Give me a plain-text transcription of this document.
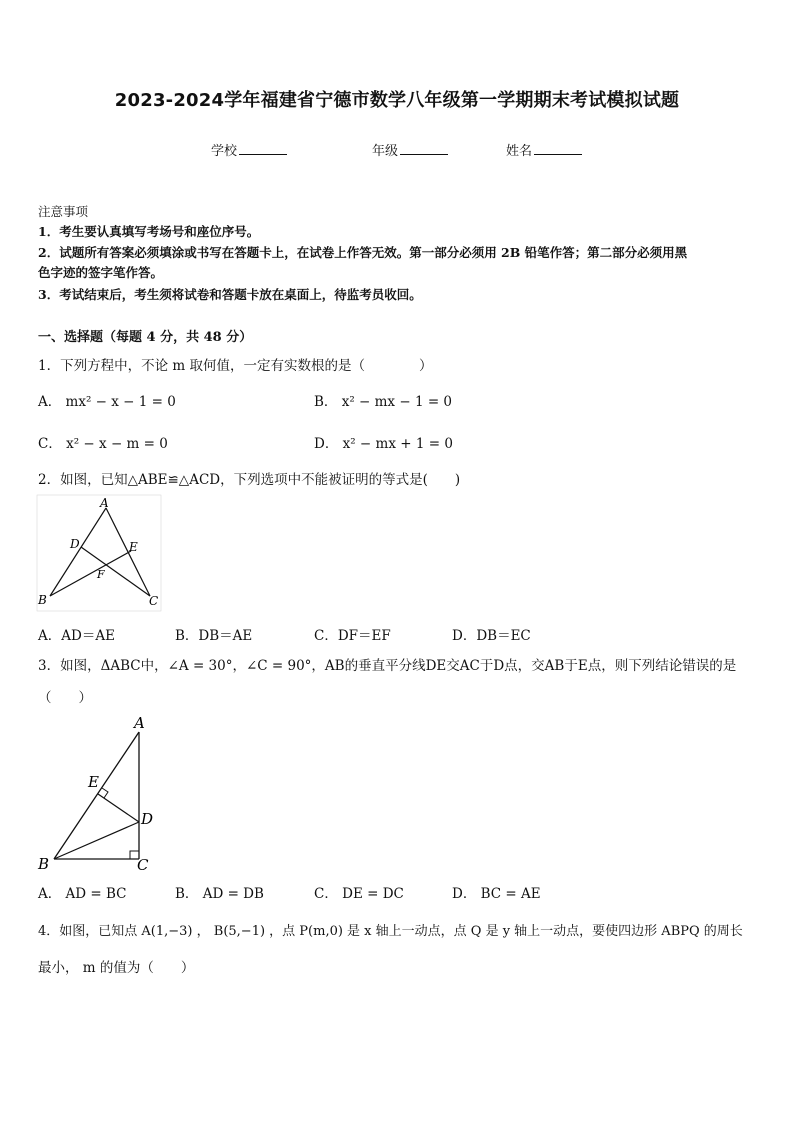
2023-2024学年福建省宁德市数学八年级第一学期期末考试模拟试题
学校	年级	姓名
注意事项
1．考生要认真填写考场号和座位序号。
2．试题所有答案必须填涂或书写在答题卡上，在试卷上作答无效。第一部分必须用 2B 铅笔作答；第二部分必须用黑
色字迹的签字笔作答。
3．考试结束后，考生须将试卷和答题卡放在桌面上，待监考员收回。
一、选择题（每题 4 分，共 48 分）
1．下列方程中，不论 m 取何值，一定有实数根的是（　　　　）
A． mx² − x − 1 = 0	B． x² − mx − 1 = 0
C． x² − x − m = 0	D． x² − mx + 1 = 0
2．如图，已知△ABE≌△ACD，下列选项中不能被证明的等式是(　　)
A
D	E
F
B	C
A．AD＝AE	B．DB＝AE	C．DF＝EF	D．DB＝EC
3．如图，ΔABC中，∠A = 30°，∠C = 90°，AB的垂直平分线DE交AC于D点，交AB于E点，则下列结论错误的是
（　　）
A
E
D
B	C
A． AD = BC	B． AD = DB	C． DE = DC	D． BC = AE
4．如图，已知点 A(1,−3) ， B(5,−1) ，点 P(m,0) 是 x 轴上一动点，点 Q 是 y 轴上一动点，要使四边形 ABPQ 的周长
最小， m 的值为（　　）
